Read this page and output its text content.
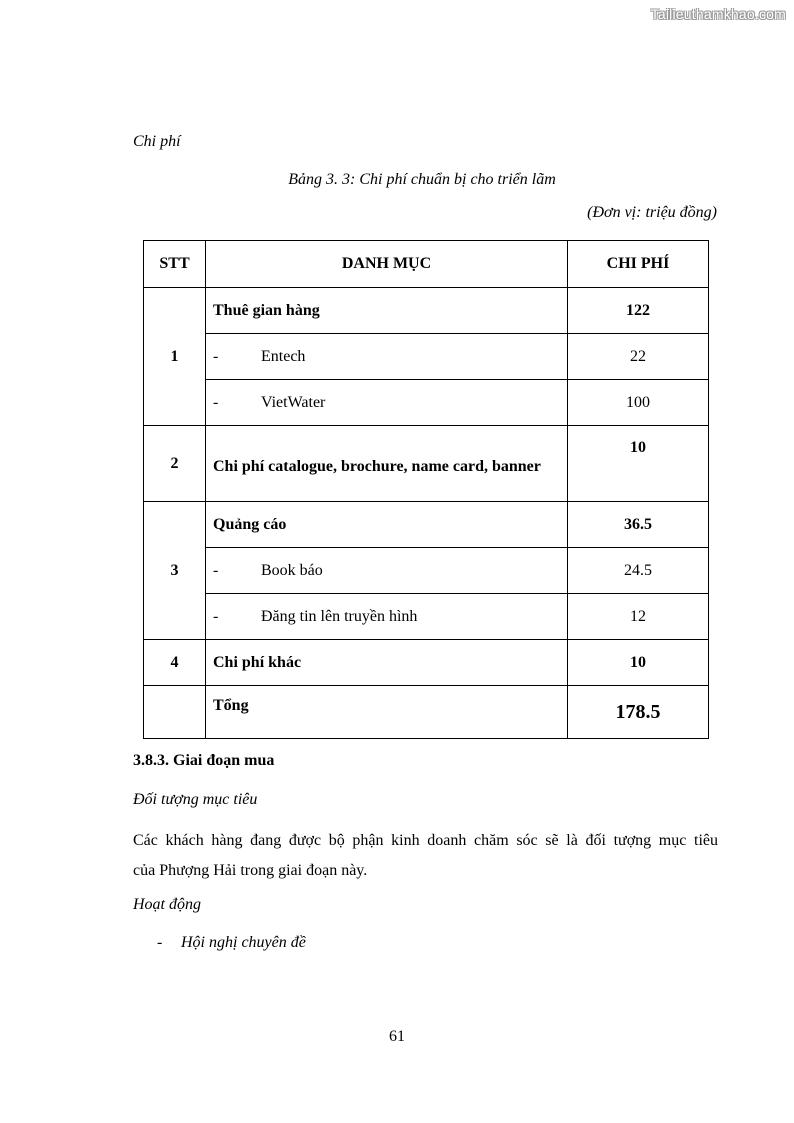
Tailieuthamkhao.com
Chi phí
Bảng 3. 3: Chi phí chuẩn bị cho triển lãm
(Đơn vị: triệu đồng)
STT	DANH MỤC	CHI PHÍ
1	Thuê gian hàng	122
	- Entech	22
	- VietWater	100
2	Chi phí catalogue, brochure, name card, banner	10
3	Quảng cáo	36.5
	- Book báo	24.5
	- Đăng tin lên truyền hình	12
4	Chi phí khác	10
	Tổng	178.5
3.8.3. Giai đoạn mua
Đối tượng mục tiêu
Các khách hàng đang được bộ phận kinh doanh chăm sóc sẽ là đối tượng mục tiêu
của Phượng Hải trong giai đoạn này.
Hoạt động
- Hội nghị chuyên đề
61
